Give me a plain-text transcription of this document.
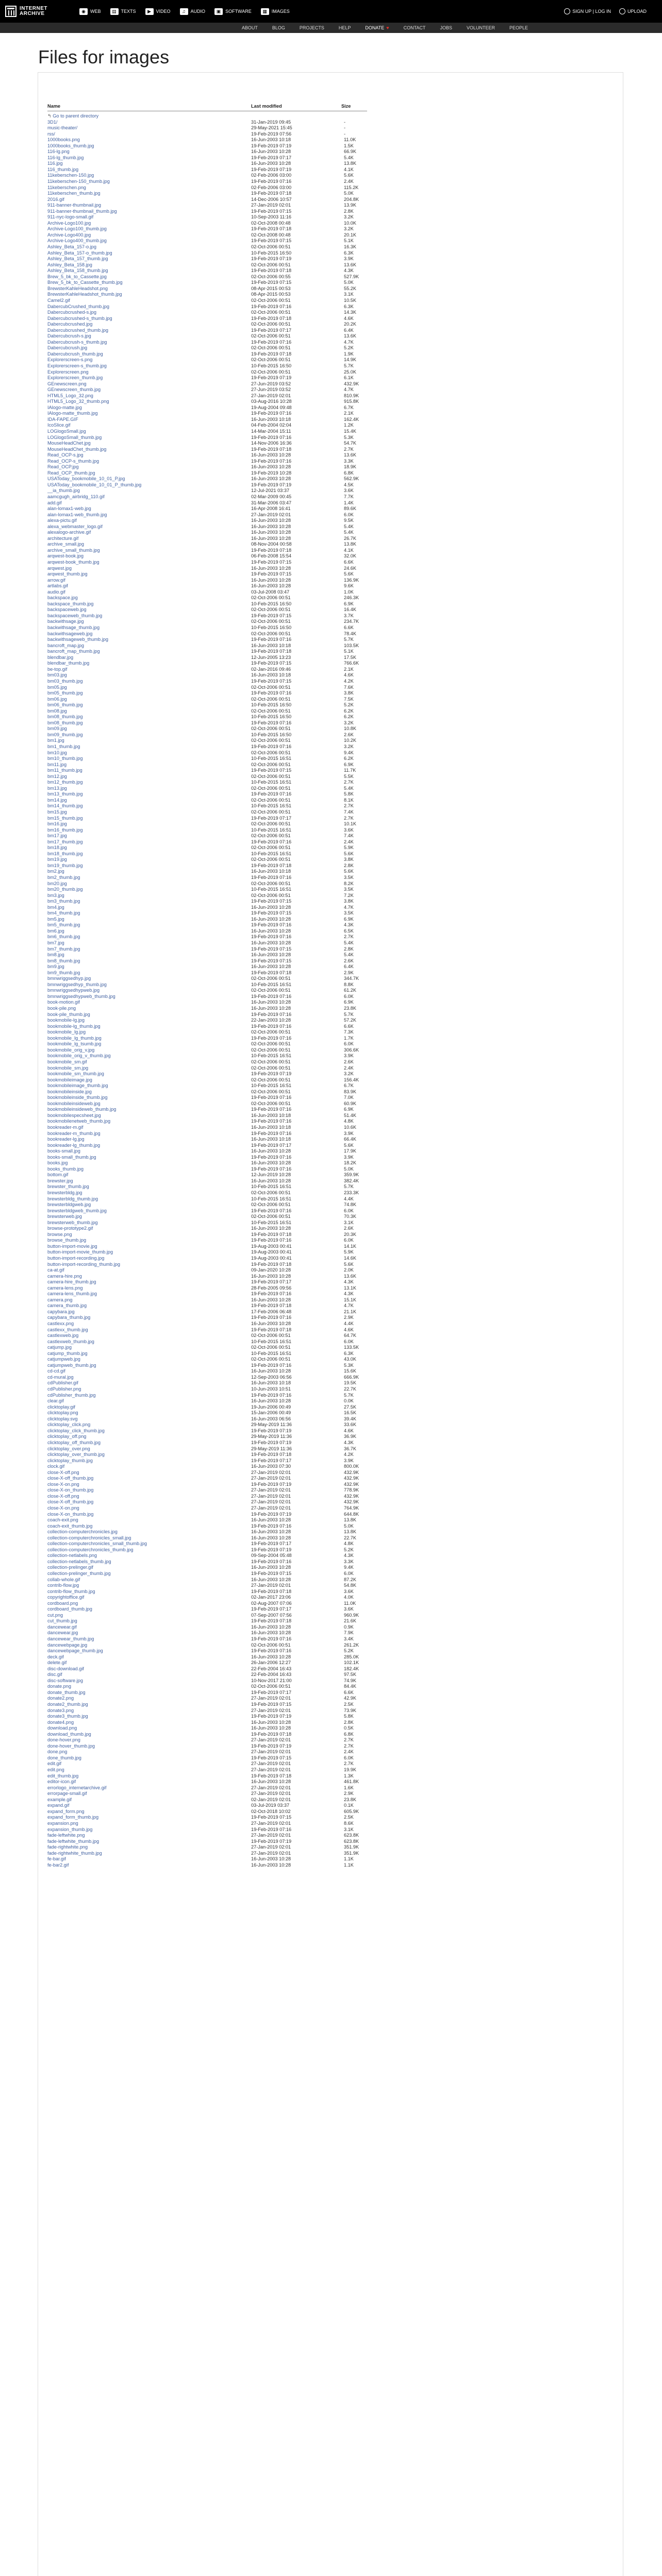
INTERNET
ARCHIVE	◉	WEB	▤ TEXTS	▶	VIDEO	♫	AUDIO	▣ SOFTWARE	▦ IMAGES	SIGN UP | LOG IN	UPLOAD
ABOUT	BLOG	PROJECTS	HELP	DONATE ♥	CONTACT	JOBS	VOLUNTEER	PEOPLE
Files for images
Name	Last modified	Size
↰ Go to parent directory
3D1/	31-Jan-2019 09:45	-
music-theater/	29-May-2021 15:45	-
rss/	19-Feb-2019 07:56	-
1000books.png	16-Jun-2003 10:18	11.0K
1000books_thumb.jpg	19-Feb-2019 07:19	1.5K
116-lg.png	16-Jun-2003 10:28	66.9K
116-lg_thumb.jpg	19-Feb-2019 07:17	5.4K
116.jpg	16-Jun-2003 10:28	13.8K
116_thumb.jpg	19-Feb-2019 07:19	4.1K
11keberschen-150.jpg	02-Feb-2006 03:00	5.6K
11keberschen-150_thumb.jpg	19-Feb-2019 07:16	2.4K
11keberschen.png	02-Feb-2006 03:00	115.2K
11keberschen_thumb.jpg	19-Feb-2019 07:18	5.0K
2016.gif	14-Dec-2006 10:57	204.8K
911-banner-thumbnail.jpg	27-Jan-2019 02:01	13.9K
911-banner-thumbnail_thumb.jpg	19-Feb-2019 07:15	2.8K
911-nyc-logo-small.gif	10-Sep-2003 11:16	3.2K
Archive-Logo100.jpg	02-Oct-2008 00:48	10.0K
Archive-Logo100_thumb.jpg	19-Feb-2019 07:18	3.2K
Archive-Logo400.jpg	02-Oct-2008 00:48	20.1K
Archive-Logo400_thumb.jpg	19-Feb-2019 07:15	5.1K
Ashley_Beta_157-o.jpg	02-Oct-2006 00:51	16.3K
Ashley_Beta_157-o_thumb.jpg	10-Feb-2015 16:50	6.3K
Ashley_Beta_157_thumb.jpg	19-Feb-2019 07:19	3.9K
Ashley_Beta_158.jpg	02-Oct-2006 00:51	13.6K
Ashley_Beta_158_thumb.jpg	19-Feb-2019 07:18	4.3K
Brew_5_bk_to_Cassette.jpg	02-Oct-2006 00:55	527.9K
Brew_5_bk_to_Cassette_thumb.jpg	19-Feb-2019 07:15	5.0K
BrewsterKahleHeadshot.png	08-Apr-2015 00:53	55.2K
BrewsterKahleHeadshot_thumb.jpg	08-Apr-2015 00:53	3.1K
Camel2.gif	02-Oct-2006 00:51	10.5K
DabercubCrushed_thumb.jpg	19-Feb-2019 07:16	6.3K
Dabercubcrushed-s.jpg	02-Oct-2006 00:51	14.3K
Dabercubcrushed-s_thumb.jpg	19-Feb-2019 07:18	4.6K
Dabercubcrushed.jpg	02-Oct-2006 00:51	20.2K
Dabercubcrushed_thumb.jpg	19-Feb-2019 07:17	6.4K
Dabercubcrush-s.jpg	02-Oct-2006 00:51	13.6K
Dabercubcrush-s_thumb.jpg	19-Feb-2019 07:16	4.7K
Dabercubcrush.jpg	02-Oct-2006 00:51	5.2K
Dabercubcrush_thumb.jpg	19-Feb-2019 07:18	1.9K
Explorerscreen-s.png	02-Oct-2006 00:51	14.9K
Explorerscreen-s_thumb.jpg	10-Feb-2015 16:50	5.7K
Explorerscreen.png	02-Oct-2006 00:51	25.0K
Explorerscreen_thumb.jpg	19-Feb-2019 07:19	6.1K
GEnewscreen.png	27-Jun-2019 03:52	432.9K
GEnewscreen_thumb.jpg	27-Jun-2019 03:52	4.7K
HTML5_Logo_32.png	27-Jan-2019 02:01	810.9K
HTML5_Logo_32_thumb.png	03-Aug-2016 10:28	915.8K
IAlogo-matte.jpg	19-Aug-2004 09:48	6.7K
IAlogo-matte_thumb.jpg	19-Feb-2019 07:16	2.1K
IDA-FAPE.GIF	16-Jun-2003 10:18	162.4K
IcoSlice.gif	04-Feb-2004 02:04	1.2K
LOGlogoSmall.jpg	14-Mar-2004 15:11	15.4K
LOGlogoSmall_thumb.jpg	19-Feb-2019 07:16	5.3K
MouseHeadChet.jpg	14-Nov-2006 16:36	54.7K
MouseHeadChet_thumb.jpg	19-Feb-2019 07:18	2.7K
Read_OCP-s.jpg	16-Jun-2003 10:28	13.6K
Read_OCP-s_thumb.jpg	19-Feb-2019 07:16	3.3K
Read_OCP.jpg	16-Jun-2003 10:28	18.9K
Read_OCP_thumb.jpg	19-Feb-2019 10:28	6.8K
USAToday_bookmobile_10_01_P.jpg	16-Jun-2003 10:28	562.9K
USAToday_bookmobile_10_01_P_thumb.jpg	19-Feb-2019 07:19	4.5K
__ia_thumb.jpg	12-Jul-2021 03:37	3.6K
aamcgugh_airbridg_110.gif	02-Mar-2009 00:45	7.7K
add.gif	31-Mar-2006 03:47	1.4K
alan-lomax1-web.jpg	16-Apr-2008 16:41	89.6K
alan-lomax1-web_thumb.jpg	27-Jan-2019 02:01	6.0K
alexa-pictu.gif	16-Jun-2003 10:28	9.5K
alexa_webmaster_logo.gif	16-Jun-2003 10:28	5.4K
alexalogo-archive.gif	16-Jun-2003 10:28	5.4K
architecture.gif	16-Jun-2003 10:28	26.7K
archive_small.jpg	08-Nov-2004 00:58	13.8K
archive_small_thumb.jpg	19-Feb-2019 07:18	4.1K
arqwest-book.jpg	06-Feb-2008 15:54	32.0K
arqwest-book_thumb.jpg	19-Feb-2019 07:15	6.6K
arqwest.jpg	16-Jun-2003 10:28	24.6K
arqwest_thumb.jpg	19-Feb-2019 07:15	5.6K
arrow.gif	16-Jun-2003 10:28	136.9K
artlabs.gif	16-Jun-2003 10:28	9.6K
audio.gif	03-Jul-2008 03:47	1.0K
backspace.jpg	02-Oct-2006 00:51	246.3K
backspace_thumb.jpg	10-Feb-2015 16:50	6.9K
backspaceweb.jpg	02-Oct-2006 00:51	16.4K
backspaceweb_thumb.jpg	19-Feb-2019 07:15	3.7K
backwithsage.jpg	02-Oct-2006 00:51	234.7K
backwithsage_thumb.jpg	10-Feb-2015 16:50	6.6K
backwithsageweb.jpg	02-Oct-2006 00:51	78.4K
backwithsageweb_thumb.jpg	19-Feb-2019 07:16	5.7K
bancroft_map.jpg	16-Jun-2003 10:18	103.5K
bancroft_map_thumb.jpg	19-Feb-2019 07:18	5.1K
blendbar.jpg	12-Jun-2005 13:23	17.5K
blendbar_thumb.jpg	19-Feb-2019 07:15	766.6K
be-top.gif	02-Jan-2016 09:46	2.1K
bm03.jpg	16-Jun-2003 10:18	4.6K
bm03_thumb.jpg	19-Feb-2019 07:15	4.2K
bm05.jpg	02-Oct-2006 00:51	7.6K
bm05_thumb.jpg	19-Feb-2019 07:16	3.8K
bm06.jpg	02-Oct-2006 00:51	7.5K
bm06_thumb.jpg	10-Feb-2015 16:50	5.2K
bm08.jpg	02-Oct-2006 00:51	6.2K
bm08_thumb.jpg	10-Feb-2015 16:50	6.2K
bm08_thumb.jpg	19-Feb-2019 07:16	3.2K
bm09.jpg	02-Oct-2006 00:51	10.8K
bm09_thumb.jpg	10-Feb-2015 16:50	2.6K
bm1.jpg	02-Oct-2006 00:51	10.2K
bm1_thumb.jpg	19-Feb-2019 07:16	3.2K
bm10.jpg	02-Oct-2006 00:51	9.4K
bm10_thumb.jpg	10-Feb-2015 16:51	6.2K
bm11.jpg	02-Oct-2006 00:51	6.9K
bm11_thumb.jpg	19-Feb-2019 07:15	11.7K
bm12.jpg	02-Oct-2006 00:51	5.5K
bm12_thumb.jpg	10-Feb-2015 16:51	2.7K
bm13.jpg	02-Oct-2006 00:51	5.4K
bm13_thumb.jpg	19-Feb-2019 07:16	5.8K
bm14.jpg	02-Oct-2006 00:51	8.1K
bm14_thumb.jpg	10-Feb-2015 16:51	2.7K
bm15.jpg	02-Oct-2006 00:51	7.4K
bm15_thumb.jpg	19-Feb-2019 07:17	2.7K
bm16.jpg	02-Oct-2006 00:51	10.1K
bm16_thumb.jpg	10-Feb-2015 16:51	3.6K
bm17.jpg	02-Oct-2006 00:51	7.4K
bm17_thumb.jpg	19-Feb-2019 07:16	2.4K
bm18.jpg	02-Oct-2006 00:51	5.9K
bm18_thumb.jpg	10-Feb-2015 16:51	5.6K
bm19.jpg	02-Oct-2006 00:51	3.8K
bm19_thumb.jpg	19-Feb-2019 07:18	2.8K
bm2.jpg	16-Jun-2003 10:18	5.6K
bm2_thumb.jpg	19-Feb-2019 07:16	3.5K
bm20.jpg	02-Oct-2006 00:51	8.2K
bm20_thumb.jpg	10-Feb-2015 16:51	3.5K
bm3.jpg	02-Oct-2006 00:51	7.2K
bm3_thumb.jpg	19-Feb-2019 07:15	3.8K
bm4.jpg	16-Jun-2003 10:28	4.7K
bm4_thumb.jpg	19-Feb-2019 07:15	3.5K
bm5.jpg	16-Jun-2003 10:28	6.9K
bm5_thumb.jpg	19-Feb-2019 07:16	4.3K
bm6.jpg	16-Jun-2003 10:28	6.5K
bm6_thumb.jpg	19-Feb-2019 07:16	2.7K
bm7.jpg	16-Jun-2003 10:28	5.4K
bm7_thumb.jpg	19-Feb-2019 07:15	2.8K
bm8.jpg	16-Jun-2003 10:28	5.4K
bm8_thumb.jpg	19-Feb-2019 07:15	2.6K
bm9.jpg	16-Jun-2003 10:28	6.4K
bm9_thumb.jpg	19-Feb-2019 07:18	2.9K
bmnwriggsedhyp.jpg	02-Oct-2006 00:51	344.7K
bmnwriggsedhyp_thumb.jpg	10-Feb-2015 16:51	8.8K
bmnwriggsedhypweb.jpg	02-Oct-2006 00:51	61.2K
bmnwriggsedhypweb_thumb.jpg	19-Feb-2019 07:16	6.0K
book-motion.gif	16-Jun-2003 10:28	6.9K
book-pile.png	16-Jun-2003 10:28	23.8K
book-pile_thumb.jpg	19-Feb-2019 07:16	5.7K
bookmobile-lg.jpg	22-Jan-2003 10:28	57.2K
bookmobile-lg_thumb.jpg	19-Feb-2019 07:16	6.6K
bookmobile_lg.jpg	02-Oct-2006 00:51	7.3K
bookmobile_lg_thumb.jpg	19-Feb-2019 07:16	1.7K
bookmobile_lg_tsumb.jpg	02-Oct-2006 00:51	6.0K
bookmobile_orig_v.jpg	02-Oct-2006 00:51	306.6K
bookmobile_orig_v_thumb.jpg	10-Feb-2015 16:51	3.9K
bookmobile_sm.gif	02-Oct-2006 00:51	2.6K
bookmobile_sm.jpg	02-Oct-2006 00:51	2.4K
bookmobile_sm_thumb.jpg	19-Feb-2019 07:19	3.2K
bookmobileimage.jpg	02-Oct-2006 00:51	156.4K
bookmobileimage_thumb.jpg	10-Feb-2015 16:51	6.7K
bookmobileinside.jpg	02-Oct-2006 00:51	83.9K
bookmobileinside_thumb.jpg	19-Feb-2019 07:16	7.0K
bookmobileinsideweb.jpg	02-Oct-2006 00:51	60.9K
bookmobileinsideweb_thumb.jpg	19-Feb-2019 07:16	6.9K
bookmobilespecsheet.jpg	16-Jun-2003 10:18	51.4K
bookmobilenetweb_thumb.jpg	19-Feb-2019 07:16	4.8K
bookreader-m.gif	16-Jun-2003 10:18	10.6K
bookreader-m_thumb.jpg	19-Feb-2019 07:16	3.9K
bookreader-lg.jpg	16-Jun-2003 10:18	66.4K
bookreader-lg_thumb.jpg	19-Feb-2019 07:17	5.6K
books-small.jpg	16-Jun-2003 10:28	17.9K
books-small_thumb.jpg	19-Feb-2019 07:16	3.9K
books.jpg	16-Jun-2003 10:28	18.2K
books_thumb.jpg	19-Feb-2019 07:16	5.0K
bottom.gif	12-Jun-2019 10:28	359.9K
brewster.jpg	16-Jun-2003 10:28	382.4K
brewster_thumb.jpg	10-Feb-2015 16:51	5.7K
brewsterbldg.jpg	02-Oct-2006 00:51	233.3K
brewsterbldg_thumb.jpg	10-Feb-2015 16:51	4.4K
brewsterbldgweb.jpg	02-Oct-2006 00:51	74.8K
brewsterbldgweb_thumb.jpg	19-Feb-2019 07:16	6.0K
brewsterweb.jpg	02-Oct-2006 00:51	70.3K
brewsterweb_thumb.jpg	10-Feb-2015 16:51	3.1K
browse-prototype2.gif	16-Jun-2003 10:28	2.6K
browse.png	19-Feb-2019 07:18	20.3K
browse_thumb.jpg	19-Feb-2019 07:16	6.0K
button-import-movie.jpg	19-Aug-2003 00:41	14.1K
button-import-movie_thumb.jpg	19-Aug-2003 00:41	5.9K
button-import-recording.jpg	19-Aug-2003 00:41	14.6K
button-import-recording_thumb.jpg	19-Feb-2019 07:18	5.6K
ca-at.gif	09-Jan-2020 10:28	2.0K
camera-hire.png	16-Jun-2003 10:28	13.6K
camera-hire_thumb.jpg	19-Feb-2019 07:17	4.3K
camera-lens.png	28-Feb-2005 09:56	13.1K
camera-lens_thumb.jpg	19-Feb-2019 07:16	4.3K
camera.png	16-Jun-2003 10:28	15.1K
camera_thumb.jpg	19-Feb-2019 07:18	4.7K
capybara.jpg	17-Feb-2006 06:48	21.1K
capybara_thumb.jpg	19-Feb-2019 07:16	2.9K
castlexx.png	16-Jun-2003 10:28	4.4K
castlexx_thumb.jpg	19-Feb-2019 07:18	4.6K
castlexweb.jpg	02-Oct-2006 00:51	64.7K
castlexweb_thumb.jpg	10-Feb-2015 16:51	6.0K
catjump.jpg	02-Oct-2006 00:51	133.5K
catjump_thumb.jpg	10-Feb-2015 16:51	6.3K
catjumpweb.jpg	02-Oct-2006 00:51	43.0K
catjumpweb_thumb.jpg	19-Feb-2019 07:16	5.3K
cd-cd.gif	16-Jun-2003 10:28	15.6K
cd-mural.jpg	12-Sep-2003 06:56	666.9K
cdPublisher.gif	16-Jun-2003 10:18	19.5K
cdPublisher.png	10-Jun-2003 10:51	22.7K
cdPublisher_thumb.jpg	19-Feb-2019 07:16	5.7K
clear.gif	16-Jun-2003 10:28	0.0K
clicktoplay.gif	19-Jun-2006 00:49	27.5K
clicktoplay.png	15-Jan-2006 00:49	16.5K
clicktoplay.svg	16-Jun-2003 06:56	39.4K
clicktoplay_click.png	29-May-2019 11:36	33.6K
clicktoplay_click_thumb.jpg	19-Feb-2019 07:19	4.6K
clicktoplay_off.png	29-May-2019 11:36	36.9K
clicktoplay_off_thumb.jpg	19-Feb-2019 07:19	4.3K
clicktoplay_over.png	29-May-2019 11:36	36.7K
clicktoplay_over_thumb.jpg	19-Feb-2019 07:18	4.2K
clicktoplay_thumb.jpg	19-Feb-2019 07:17	3.9K
clock.gif	16-Jun-2003 07:30	800.0K
close-X-off.png	27-Jan-2019 02:01	432.9K
close-X-off_thumb.jpg	27-Jan-2019 02:01	432.9K
close-X-on.png	19-Feb-2019 07:19	432.9K
close-X-on_thumb.jpg	27-Jan-2019 02:01	778.9K
close-X-off.png	27-Jan-2019 02:01	432.9K
close-X-off_thumb.jpg	27-Jan-2019 02:01	432.9K
close-X-on.png	27-Jan-2019 02:01	764.9K
close-X-on_thumb.jpg	19-Feb-2019 07:19	644.8K
coach-exit.png	16-Jun-2003 10:28	13.8K
coach-exit_thumb.jpg	19-Feb-2019 07:16	5.0K
collection-computerchronicles.jpg	16-Jun-2003 10:28	13.8K
collection-computerchronicles_small.jpg	16-Jun-2003 10:28	22.7K
collection-computerchronicles_small_thumb.jpg	19-Feb-2019 07:17	4.8K
collection-computerchronicles_thumb.jpg	19-Feb-2019 07:19	5.2K
collection-netlabels.png	09-Sep-2004 05:48	4.3K
collection-netlabels_thumb.jpg	19-Feb-2019 07:16	3.3K
collection-prelinger.gif	16-Jun-2003 10:28	9.4K
collection-prelinger_thumb.jpg	19-Feb-2019 07:15	6.0K
collab-whole.gif	16-Jun-2003 10:28	87.2K
contrib-flow.jpg	27-Jan-2019 02:01	54.8K
contrib-flow_thumb.jpg	19-Feb-2019 07:18	3.6K
copyrightoffice.gif	02-Jan-2017 23:06	4.0K
cordboard.png	02-Aug-2007 07:06	11.0K
cordboard_thumb.jpg	19-Feb-2019 07:17	3.6K
cut.png	07-Sep-2007 07:56	960.9K
cut_thumb.jpg	19-Feb-2019 07:18	21.6K
dancewear.gif	16-Jun-2003 10:28	0.9K
dancewear.jpg	16-Jun-2003 10:28	7.9K
dancewear_thumb.jpg	19-Feb-2019 07:16	3.4K
dancewebpage.jpg	02-Oct-2006 00:51	261.2K
dancewebpage_thumb.jpg	19-Feb-2019 07:16	5.2K
deck.gif	16-Jun-2003 10:28	285.0K
delete.gif	26-Jan-2006 12:27	102.1K
disc-download.gif	22-Feb-2004 16:43	182.4K
disc.gif	22-Feb-2004 16:43	97.5K
disc-software.jpg	10-Nov-2017 21:00	74.9K
donate.png	02-Oct-2006 00:51	84.4K
donate_thumb.jpg	19-Feb-2019 07:17	6.6K
donate2.png	27-Jan-2019 02:01	42.9K
donate2_thumb.jpg	19-Feb-2019 07:15	2.5K
donate3.png	27-Jan-2019 02:01	73.9K
donate3_thumb.jpg	19-Feb-2019 07:19	5.8K
donate4.png	16-Jun-2003 10:28	2.8K
download.png	16-Jun-2003 10:28	0.5K
download_thumb.jpg	19-Feb-2019 07:18	6.8K
done-hover.png	27-Jan-2019 02:01	2.7K
done-hover_thumb.jpg	19-Feb-2019 07:19	2.7K
done.png	27-Jan-2019 02:01	2.4K
done_thumb.jpg	19-Feb-2019 07:15	6.0K
edit.gif	27-Jan-2019 02:01	2.7K
edit.png	27-Jan-2019 02:01	19.9K
edit_thumb.jpg	19-Feb-2019 07:18	1.3K
editor-icon.gif	16-Jun-2003 10:28	461.8K
errorlogo_internetarchive.gif	27-Jan-2019 02:01	1.6K
errorpage-small.gif	27-Jan-2019 02:01	2.9K
example.gif	02-Jan-2019 02:01	23.8K
expand.gif	03-Jul-2019 03:37	0.1K
expand_form.png	02-Oct-2018 10:02	605.9K
expand_form_thumb.jpg	19-Feb-2019 07:15	2.5K
expansion.png	27-Jan-2019 02:01	8.6K
expansion_thumb.jpg	19-Feb-2019 07:16	3.1K
fade-leftwhite.png	27-Jan-2019 02:01	623.8K
fade-leftwhite_thumb.jpg	19-Feb-2019 07:19	623.8K
fade-rightwhite.png	27-Jan-2019 02:01	351.9K
fade-rightwhite_thumb.jpg	27-Jan-2019 02:01	351.9K
fe-bar.gif	16-Jun-2003 10:28	1.1K
fe-bar2.gif	16-Jun-2003 10:28	1.1K
